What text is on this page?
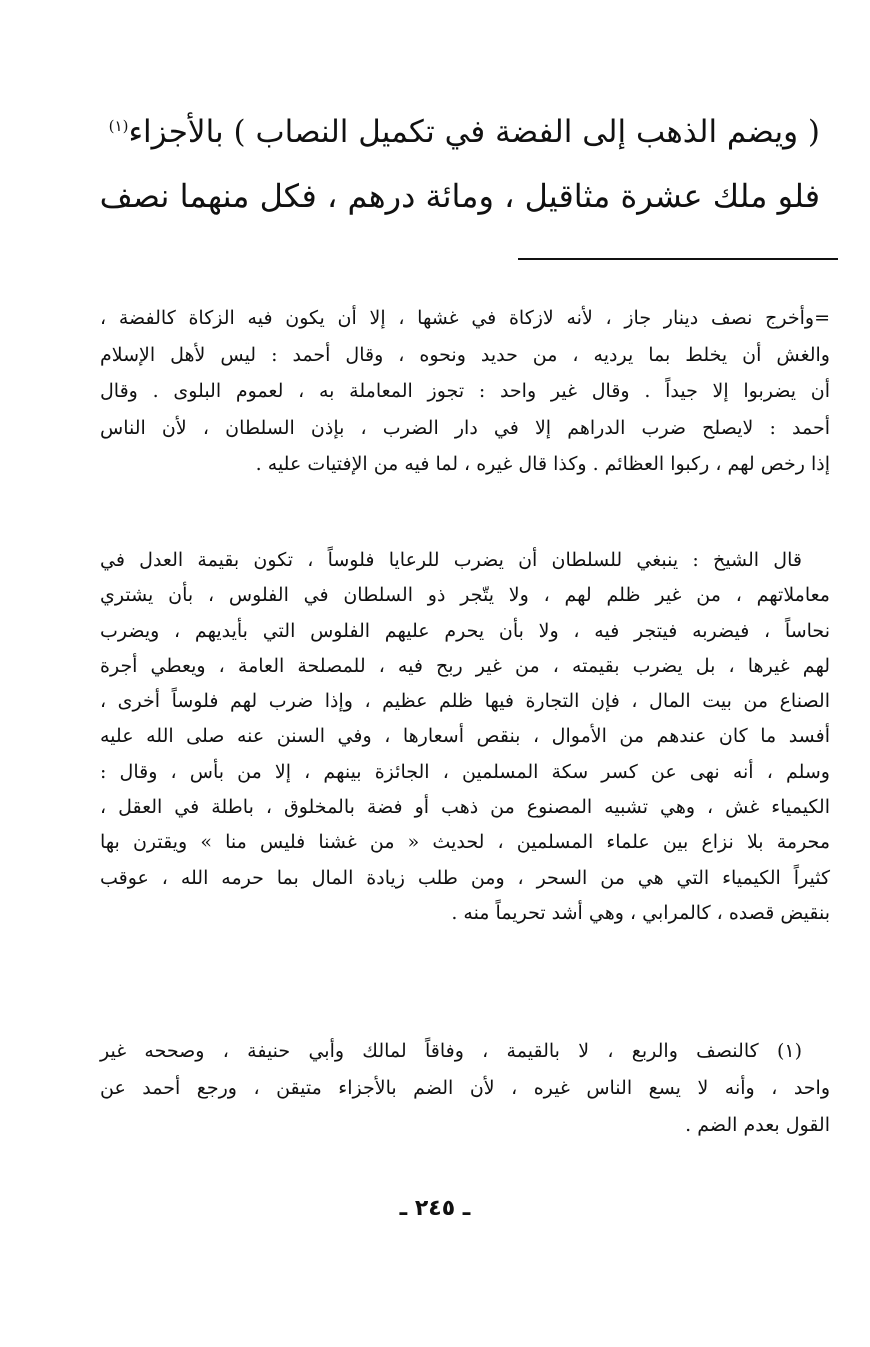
( ويضم الذهب إلى الفضة في تكميل النصاب ) بالأجزاء$^{(١)}$
فلو ملك عشرة مثاقيل ، ومائة درهم ، فكل منهما نصف

=وأخرج نصف دينار جاز ، لأنه لازكاة في غشها ، إلا أن يكون فيه الزكاة كالفضة ،

والغش أن يخلط بما يرديه ، من حديد ونحوه ، وقال أحمد : ليس لأهل الإسلام

أن يضربوا إلا جيداً . وقال غير واحد : تجوز المعاملة به ، لعموم البلوى . وقال

أحمد : لايصلح ضرب الدراهم إلا في دار الضرب ، بإذن السلطان ، لأن الناس

إذا رخص لهم ، ركبوا العظائم . وكذا قال غيره ، لما فيه من الإفتيات عليه .

قال الشيخ : ينبغي للسلطان أن يضرب للرعايا فلوساً ، تكون بقيمة العدل في

معاملاتهم ، من غير ظلم لهم ، ولا يتّجر ذو السلطان في الفلوس ، بأن يشتري

نحاساً ، فيضربه فيتجر فيه ، ولا بأن يحرم عليهم الفلوس التي بأيديهم ، ويضرب

لهم غيرها ، بل يضرب بقيمته ، من غير ربح فيه ، للمصلحة العامة ، ويعطي أجرة

الصناع من بيت المال ، فإن التجارة فيها ظلم عظيم ، وإذا ضرب لهم فلوساً أخرى ،

أفسد ما كان عندهم من الأموال ، بنقص أسعارها ، وفي السنن عنه صلى الله عليه

وسلم ، أنه نهى عن كسر سكة المسلمين ، الجائزة بينهم ، إلا من بأس ، وقال :

الكيمياء غش ، وهي تشبيه المصنوع من ذهب أو فضة بالمخلوق ، باطلة في العقل ،

محرمة بلا نزاع بين علماء المسلمين ، لحديث « من غشنا فليس منا » ويقترن بها

كثيراً الكيمياء التي هي من السحر ، ومن طلب زيادة المال بما حرمه الله ، عوقب

بنقيض قصده ، كالمرابي ، وهي أشد تحريماً منه .

(١) كالنصف والربع ، لا بالقيمة ، وفاقاً لمالك وأبي حنيفة ، وصححه غير

واحد ، وأنه لا يسع الناس غيره ، لأن الضم بالأجزاء متيقن ، ورجع أحمد عن

القول بعدم الضم .

ـ ٢٤٥ ـ
